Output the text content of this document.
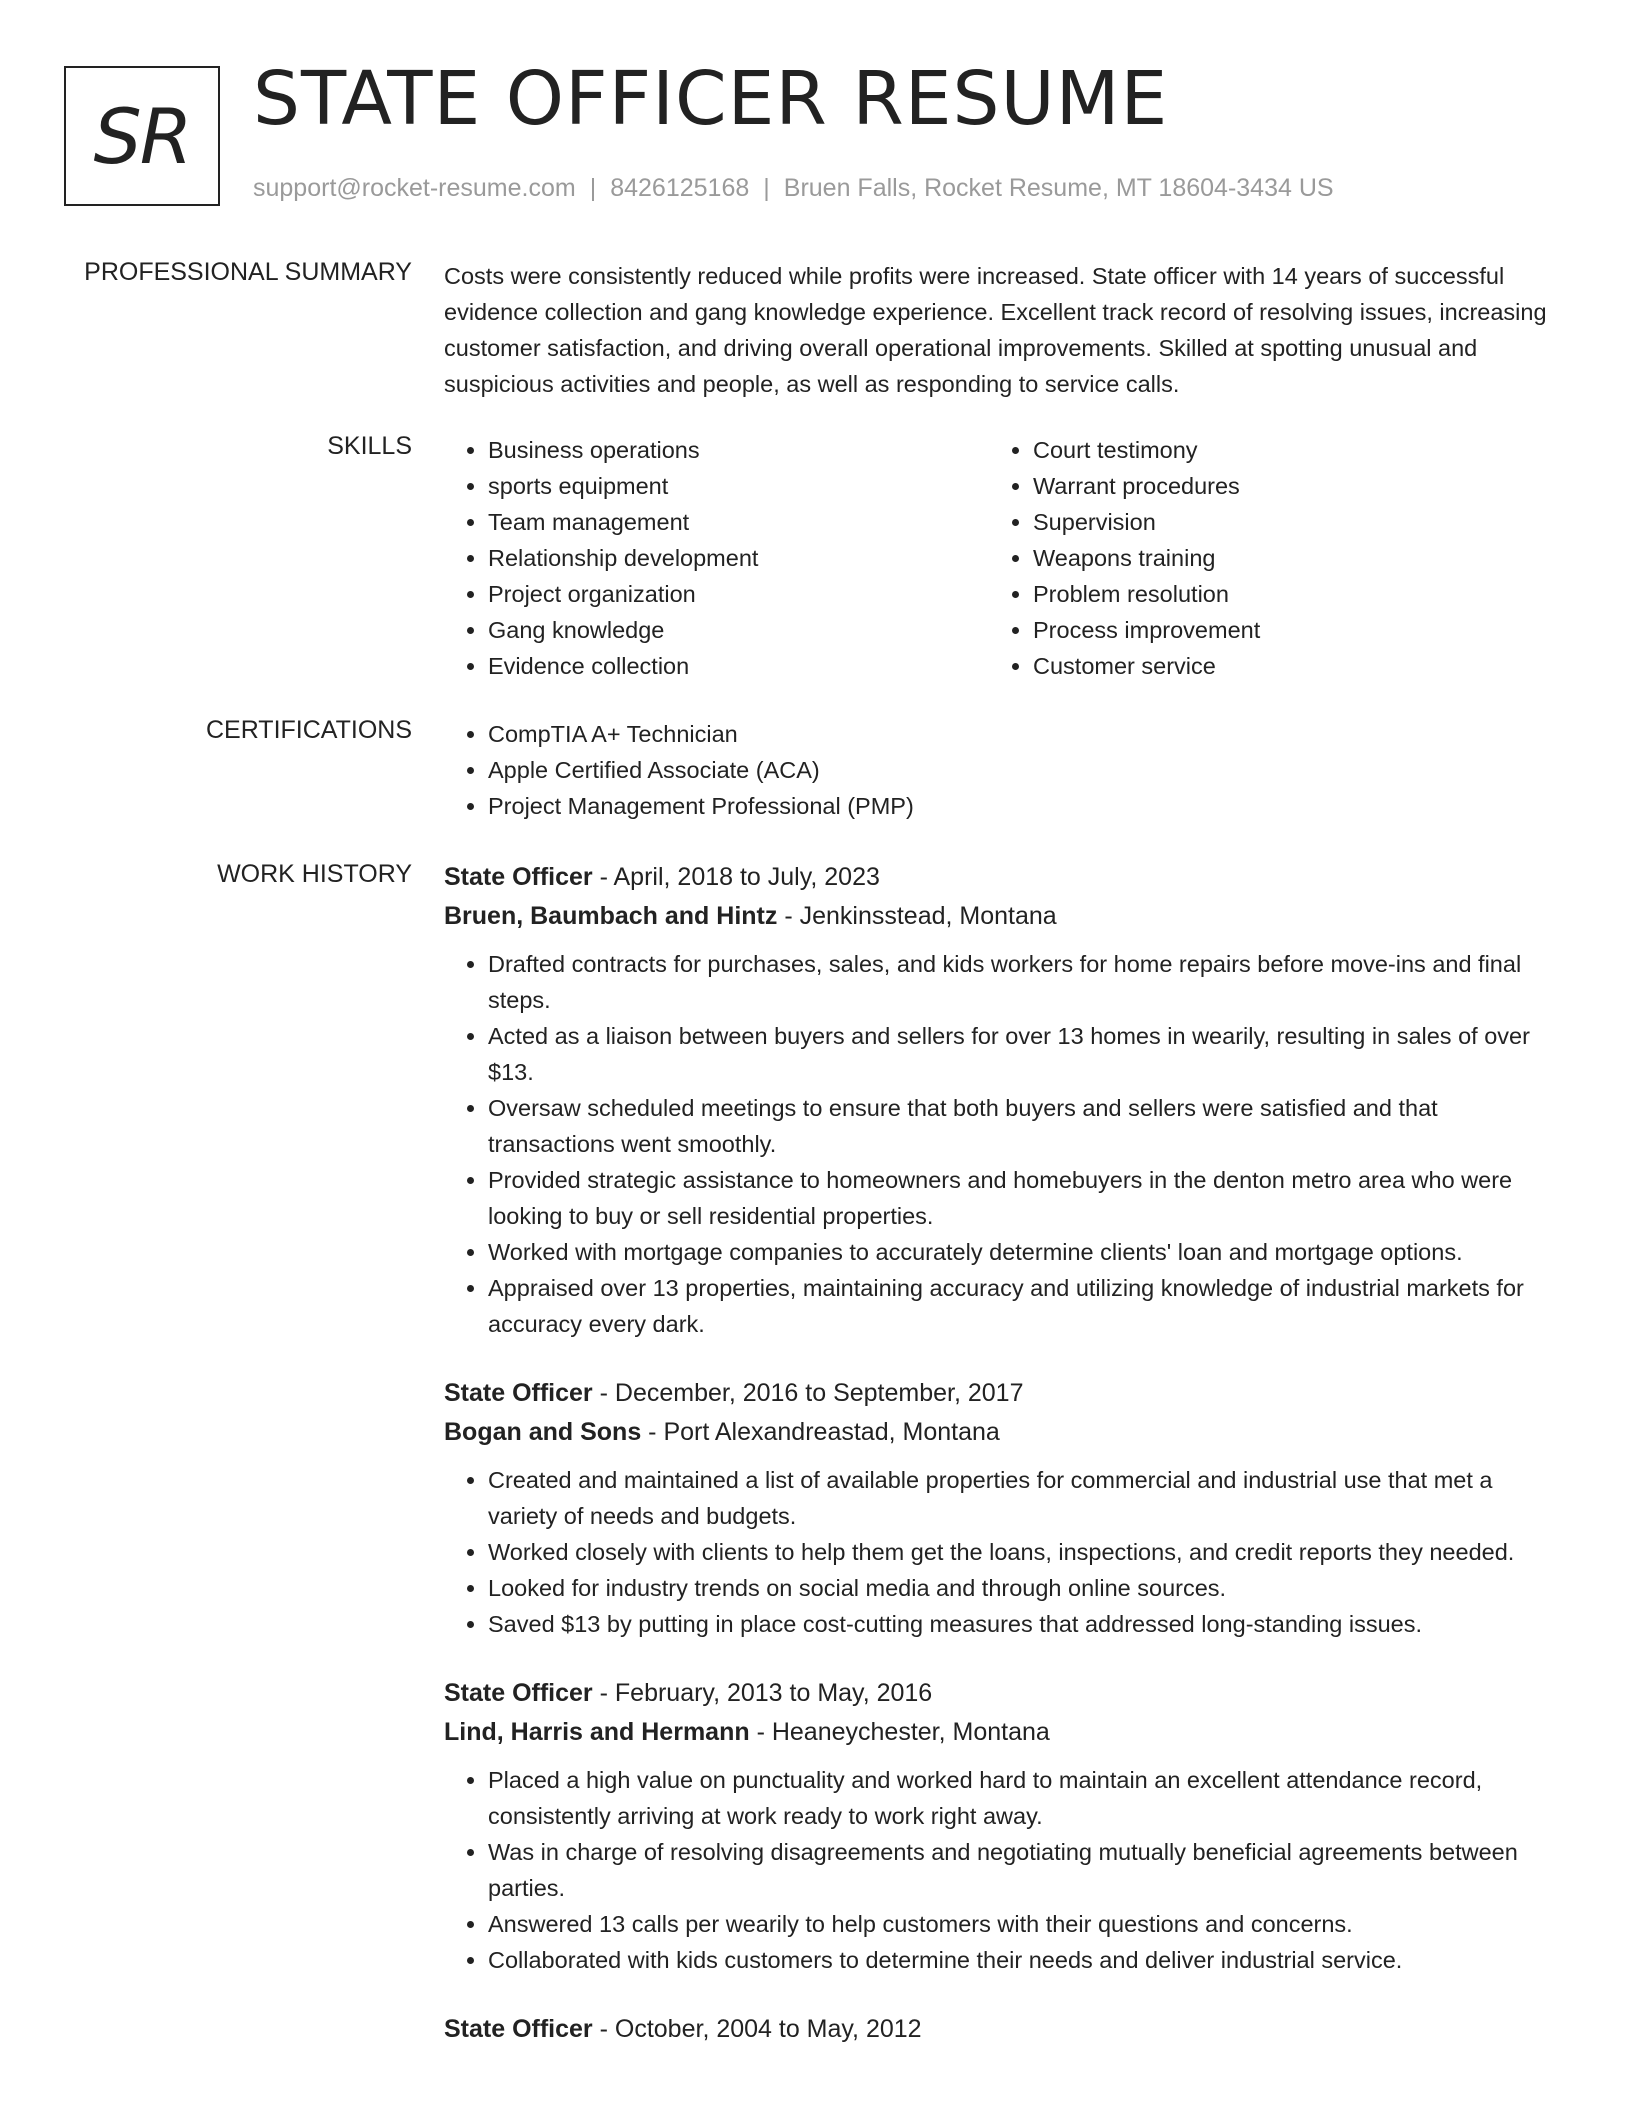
SR STATE OFFICER RESUME
support@rocket-resume.com | 8426125168 | Bruen Falls, Rocket Resume, MT 18604-3434 US
PROFESSIONAL SUMMARY Costs were consistently reduced while profits were increased. State officer with 14 years of successful evidence collection and gang knowledge experience. Excellent track record of resolving issues, increasing customer satisfaction, and driving overall operational improvements. Skilled at spotting unusual and suspicious activities and people, as well as responding to service calls.
SKILLS	• Business operations
• sports equipment
• Team management
• Relationship development
• Project organization
• Gang knowledge
• Evidence collection
• Court testimony
• Warrant procedures
• Supervision
• Weapons training
• Problem resolution
• Process improvement
• Customer service
CERTIFICATIONS	• CompTIA A+ Technician
• Apple Certified Associate (ACA)
• Project Management Professional (PMP)
WORK HISTORY State Officer - April, 2018 to July, 2023
Bruen, Baumbach and Hintz - Jenkinsstead, Montana
• Drafted contracts for purchases, sales, and kids workers for home repairs before move-ins and final steps.
• Acted as a liaison between buyers and sellers for over 13 homes in wearily, resulting in sales of over $13.
• Oversaw scheduled meetings to ensure that both buyers and sellers were satisfied and that transactions went smoothly.
• Provided strategic assistance to homeowners and homebuyers in the denton metro area who were looking to buy or sell residential properties.
• Worked with mortgage companies to accurately determine clients' loan and mortgage options.
• Appraised over 13 properties, maintaining accuracy and utilizing knowledge of industrial markets for accuracy every dark.
State Officer - December, 2016 to September, 2017
Bogan and Sons - Port Alexandreastad, Montana
• Created and maintained a list of available properties for commercial and industrial use that met a variety of needs and budgets.
• Worked closely with clients to help them get the loans, inspections, and credit reports they needed.
• Looked for industry trends on social media and through online sources.
• Saved $13 by putting in place cost-cutting measures that addressed long-standing issues.
State Officer - February, 2013 to May, 2016
Lind, Harris and Hermann - Heaneychester, Montana
• Placed a high value on punctuality and worked hard to maintain an excellent attendance record, consistently arriving at work ready to work right away.
• Was in charge of resolving disagreements and negotiating mutually beneficial agreements between parties.
• Answered 13 calls per wearily to help customers with their questions and concerns.
• Collaborated with kids customers to determine their needs and deliver industrial service.
State Officer - October, 2004 to May, 2012
